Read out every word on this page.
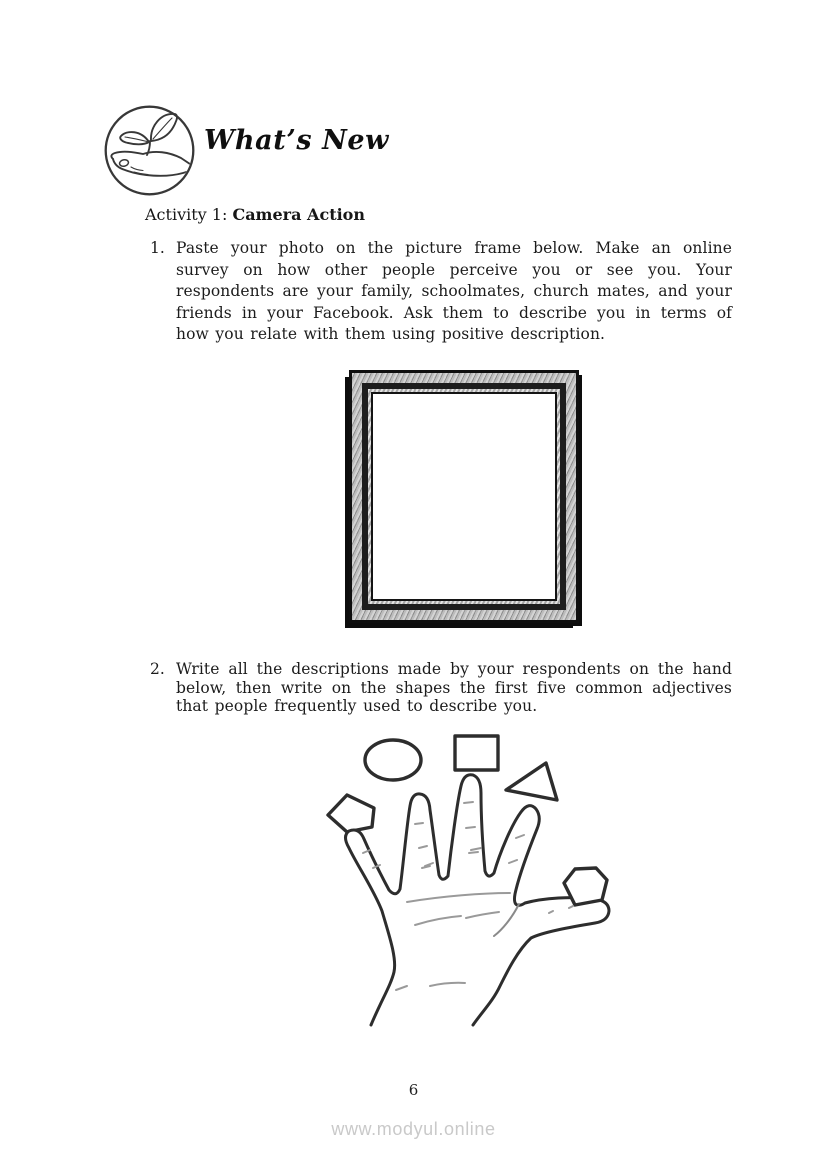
What’s New
Activity 1: Camera Action
1. Paste your photo on the picture frame below. Make an online survey on how other people perceive you or see you. Your respondents are your family, schoolmates, church mates, and your friends in your Facebook. Ask them to describe you in terms of how you relate with them using positive description.

2. Write all the descriptions made by your respondents on the hand below, then write on the shapes the first five common adjectives that people frequently used to describe you.

6
www.modyul.online
